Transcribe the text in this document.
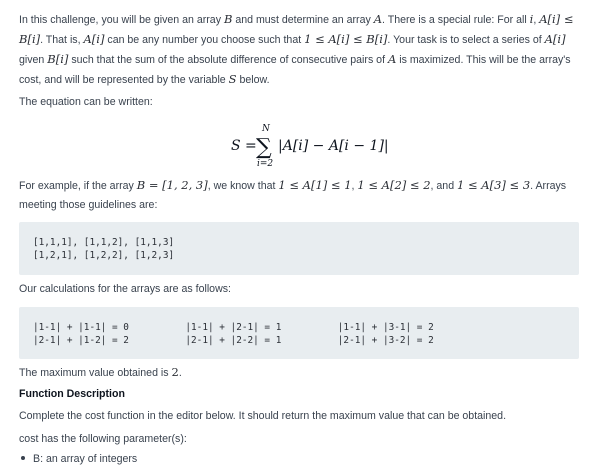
In this challenge, you will be given an array B and must determine an array A. There is a special rule: For all i, A[i] ≤ B[i]. That is, A[i] can be any number you choose such that 1 ≤ A[i] ≤ B[i]. Your task is to select a series of A[i] given B[i] such that the sum of the absolute difference of consecutive pairs of A is maximized. This will be the array's cost, and will be represented by the variable S below.

The equation can be written:

S =
N
∑
i=2
|A[i] − A[i − 1]|

For example, if the array B = [1, 2, 3], we know that 1 ≤ A[1] ≤ 1, 1 ≤ A[2] ≤ 2, and 1 ≤ A[3] ≤ 3. Arrays meeting those guidelines are:

[1,1,1], [1,1,2], [1,1,3]
[1,2,1], [1,2,2], [1,2,3]

Our calculations for the arrays are as follows:

|1-1| + |1-1| = 0          |1-1| + |2-1| = 1          |1-1| + |3-1| = 2
|2-1| + |1-2| = 2          |2-1| + |2-2| = 1          |2-1| + |3-2| = 2

The maximum value obtained is 2.

Function Description

Complete the cost function in the editor below. It should return the maximum value that can be obtained.

cost has the following parameter(s):

B: an array of integers
